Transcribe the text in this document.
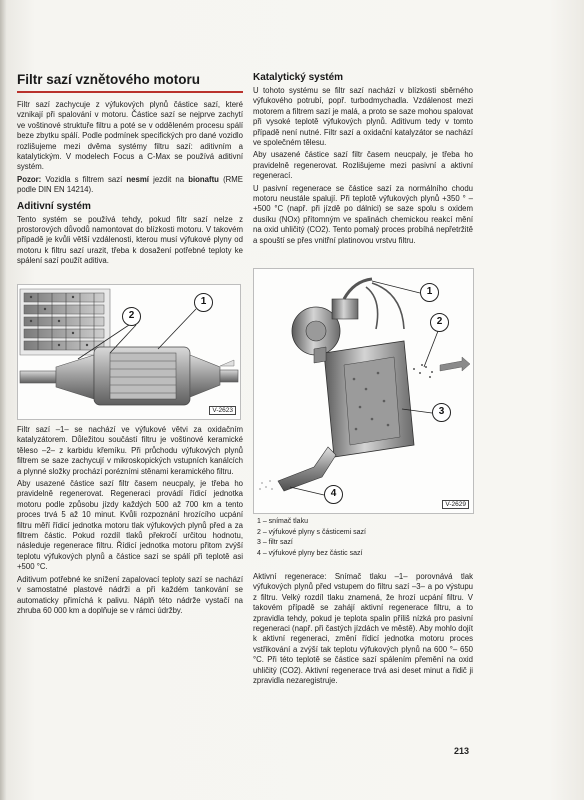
Filtr sazí vznětového motoru

Filtr sazí zachycuje z výfukových plynů částice sazí, které vznikají při spalování v motoru. Částice sazí se nejprve zachytí ve voštinové struktuře filtru a poté se v odděleném procesu spálí beze zbytku spálí. Podle podmínek specifických pro dané vozidlo rozlišujeme mezi dvěma systémy filtru sazí: aditivním a katalytickým. V modelech Focus a C-Max se používá aditivní systém.

Pozor: Vozidla s filtrem sazí nesmí jezdit na bionaftu (RME podle DIN EN 14214).

Aditivní systém

Tento systém se používá tehdy, pokud filtr sazí nelze z prostorových důvodů namontovat do blízkosti motoru. V takovém případě je kvůli větší vzdálenosti, kterou musí výfukové plyny od motoru k filtru sazí urazit, třeba k dosažení potřebné teploty ke spálení sazí použít aditiva.

2
1
V-2623

Filtr sazí –1– se nachází ve výfukové větvi za oxidačním katalyzátorem. Důležitou součástí filtru je voštinové keramické těleso –2– z karbidu křemíku. Při průchodu výfukových plynů filtrem se saze zachycují v mikroskopických vstupních kanálcích a plynné složky prochází porézními stěnami keramického filtru.

Aby usazené částice sazí filtr časem neucpaly, je třeba ho pravidelně regenerovat. Regeneraci provádí řídicí jednotka motoru podle způsobu jízdy každých 500 až 700 km a tento proces trvá 5 až 10 minut. Kvůli rozpoznání hrozícího ucpání filtru měří řídicí jednotka motoru tlak výfukových plynů před a za filtrem částic. Pokud rozdíl tlaků překročí určitou hodnotu, následuje regenerace filtru. Řídicí jednotka motoru přitom zvýší teplotu výfukových plynů a částice sazí se spálí při teplotě asi +500 °C.

Aditivum potřebné ke snížení zapalovací teploty sazí se nachází v samostatné plastové nádrži a při každém tankování se automaticky přimíchá k palivu. Náplň této nádrže vystačí na zhruba 60 000 km a doplňuje se v rámci údržby.

Katalytický systém

U tohoto systému se filtr sazí nachází v blízkosti sběrného výfukového potrubí, popř. turbodmychadla. Vzdálenost mezi motorem a filtrem sazí je malá, a proto se saze mohou spalovat při vysoké teplotě výfukových plynů. Aditivum tedy v tomto případě není nutné. Filtr sazí a oxidační katalyzátor se nachází ve společném tělesu.

Aby usazené částice sazí filtr časem neucpaly, je třeba ho pravidelně regenerovat. Rozlišujeme mezi pasivní a aktivní regenerací.

U pasivní regenerace se částice sazí za normálního chodu motoru neustále spalují. Při teplotě výfukových plynů +350 ° – +500 °C (např. při jízdě po dálnici) se saze spolu s oxidem dusíku (NOx) přítomným ve spalinách chemickou reakcí mění na oxid uhličitý (CO2). Tento pomalý proces probíhá nepřetržitě a spouští se přes vnitřní platinovou vrstvu filtru.

1
2
3
4
V-2629
1 – snímač tlaku
2 – výfukové plyny s částicemi sazí
3 – filtr sazí
4 – výfukové plyny bez částic sazí

Aktivní regenerace: Snímač tlaku –1– porovnává tlak výfukových plynů před vstupem do filtru sazí –3– a po výstupu z filtru. Velký rozdíl tlaku znamená, že hrozí ucpání filtru. V takovém případě se zahájí aktivní regenerace filtru, a to zpravidla tehdy, pokud je teplota spalin příliš nízká pro pasivní regeneraci (např. při častých jízdách ve městě). Aby mohlo dojít k aktivní regeneraci, změní řídicí jednotka motoru proces vstřikování a zvýší tak teplotu výfukových plynů na 600 °– 650 °C. Při této teplotě se částice sazí spálením přemění na oxid uhličitý (CO2). Aktivní regenerace trvá asi deset minut a řidič ji zpravidla nezaregistruje.

213
